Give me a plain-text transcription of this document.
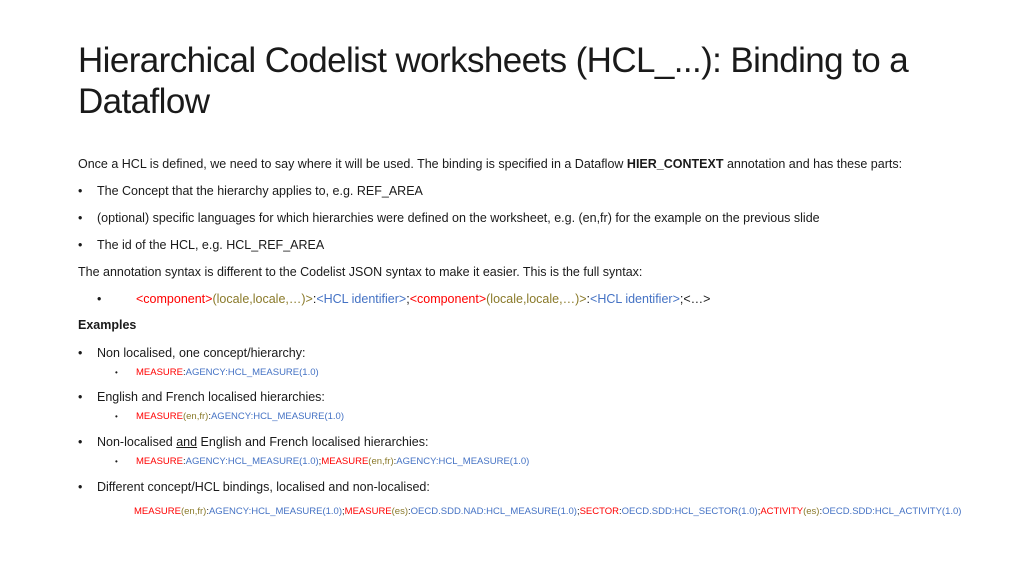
Hierarchical Codelist worksheets (HCL_...): Binding to a Dataflow
Once a HCL is defined, we need to say where it will be used. The binding is specified in a Dataflow HIER_CONTEXT annotation and has these parts:
• The Concept that the hierarchy applies to, e.g. REF_AREA
• (optional) specific languages for which hierarchies were defined on the worksheet, e.g. (en,fr) for the example on the previous slide
• The id of the HCL, e.g. HCL_REF_AREA
The annotation syntax is different to the Codelist JSON syntax to make it easier. This is the full syntax:
•	<component>(locale,locale,…)>:<HCL identifier>;<component>(locale,locale,…)>:<HCL identifier>;<…>
Examples
• Non localised, one concept/hierarchy:
• MEASURE:AGENCY:HCL_MEASURE(1.0)
• English and French localised hierarchies:
• MEASURE(en,fr):AGENCY:HCL_MEASURE(1.0)
• Non-localised and English and French localised hierarchies:
• MEASURE:AGENCY:HCL_MEASURE(1.0);MEASURE(en,fr):AGENCY:HCL_MEASURE(1.0)
• Different concept/HCL bindings, localised and non-localised:
MEASURE(en,fr):AGENCY:HCL_MEASURE(1.0);MEASURE(es):OECD.SDD.NAD:HCL_MEASURE(1.0);SECTOR:OECD.SDD:HCL_SECTOR(1.0);ACTIVITY(es):OECD.SDD:HCL_ACTIVITY(1.0)
